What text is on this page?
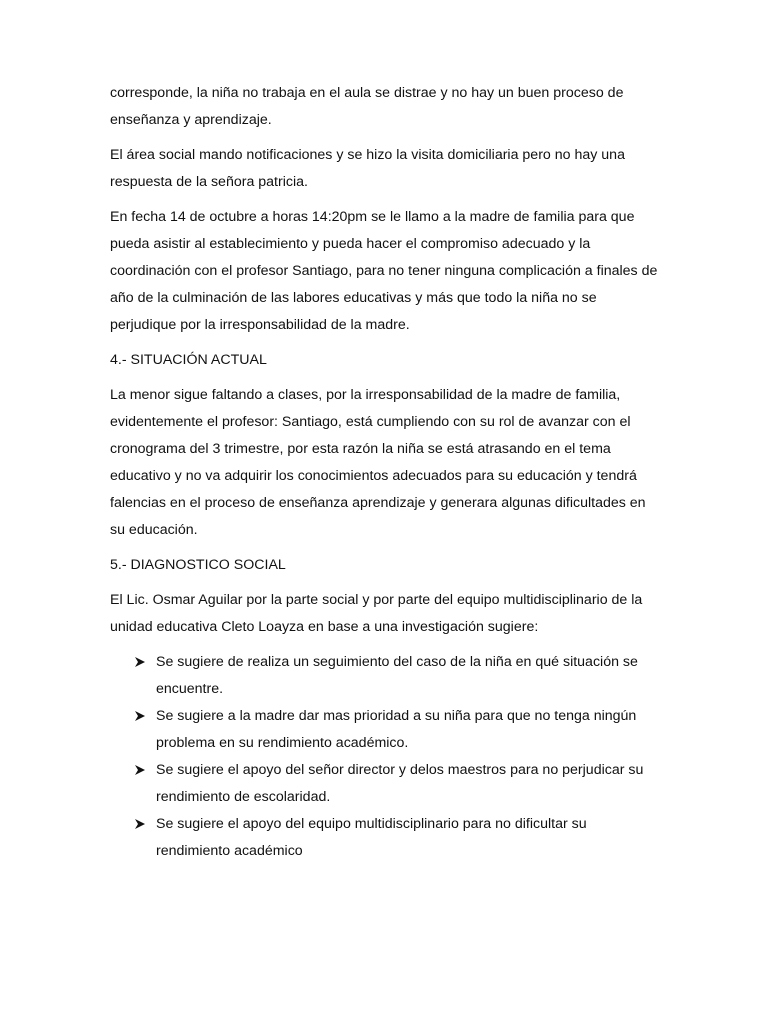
corresponde, la niña no trabaja en el aula se distrae y no hay un buen proceso de enseñanza y aprendizaje.

El área social mando notificaciones y se hizo la visita domiciliaria pero no hay una respuesta de la señora patricia.

En fecha 14 de octubre a horas 14:20pm se le llamo a la madre de familia para que pueda asistir al establecimiento y pueda hacer el compromiso adecuado y la coordinación con el profesor Santiago, para no tener ninguna complicación a finales de año de la culminación de las labores educativas y más que todo la niña no se perjudique por la irresponsabilidad de la madre.

4.- SITUACIÓN ACTUAL

La menor sigue faltando a clases, por la irresponsabilidad de la madre de familia, evidentemente el profesor: Santiago, está cumpliendo con su rol de avanzar con el cronograma del 3 trimestre, por esta razón la niña se está atrasando en el tema educativo y no va adquirir los conocimientos adecuados para su educación y tendrá falencias en el proceso de enseñanza aprendizaje y generara algunas dificultades en su educación.

5.- DIAGNOSTICO SOCIAL

El Lic. Osmar Aguilar por la parte social y por parte del equipo multidisciplinario de la unidad educativa Cleto Loayza en base a una investigación sugiere:

Se sugiere de realiza un seguimiento del caso de la niña en qué situación se encuentre.
Se sugiere a la madre dar mas prioridad a su niña para que no tenga ningún problema en su rendimiento académico.
Se sugiere el apoyo del señor director y delos maestros para no perjudicar su rendimiento de escolaridad.
Se sugiere el apoyo del equipo multidisciplinario para no dificultar su rendimiento académico
